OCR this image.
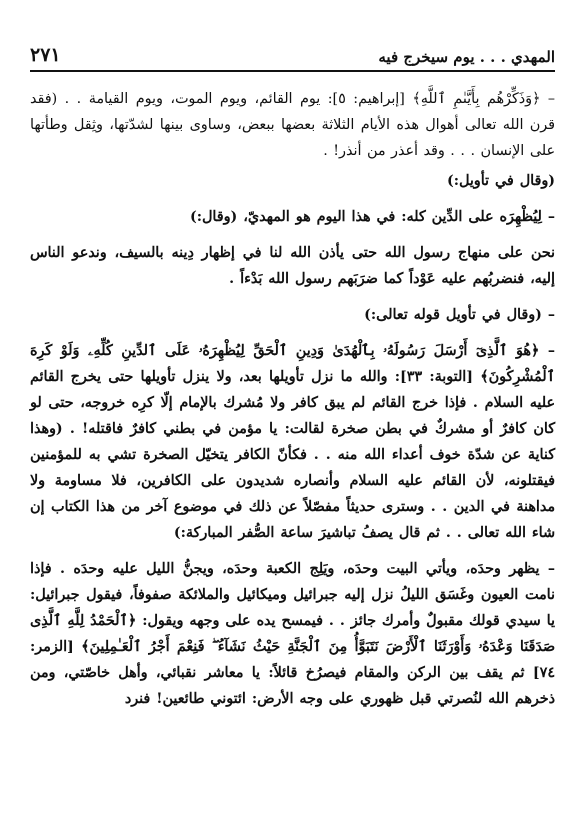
المهدي . . . يوم سيخرج فيه
٢٧١

– ﴿وَذَكِّرْهُم بِأَيَّىٰمِ ٱللَّهِ﴾ [إبراهيم: ٥]: يوم القائم، ويوم الموت، ويوم القيامة . . (فقد قرن الله تعالى أهوال هذه الأيام الثلاثة بعضها ببعض، وساوى بينها لشدّتها، وثِقل وطأتها على الإنسان . . . وقد أعذر من أنذر! .

(وقال في تأويل:)

– لِيُظْهِرَه على الدِّين كله: في هذا اليوم هو المهديّ، (وقال:)

نحن على منهاج رسول الله حتى يأذن الله لنا في إظهار دِينه بالسيف، وندعو الناس إليه، فنضربُهم عليه عَوْداً كما ضرَبَهم رسول الله بَدْءاً .

– (وقال في تأويل قوله تعالى:)

– ﴿هُوَ ٱلَّذِىٓ أَرْسَلَ رَسُولَهُۥ بِٱلْهُدَىٰ وَدِينِ ٱلْحَقِّ لِيُظْهِرَهُۥ عَلَى ٱلدِّينِ كُلِّهِۦ وَلَوْ كَرِهَ ٱلْمُشْرِكُونَ﴾ [التوبة: ٣٣]: والله ما نزل تأويلها بعد، ولا ينزل تأويلها حتى يخرج القائم عليه السلام . فإذا خرج القائم لم يبق كافر ولا مُشرك بالإمام إلّا كرِه خروجه، حتى لو كان كافرٌ أو مشركٌ في بطن صخرة لقالت: يا مؤمن في بطني كافرٌ فاقتله! . (وهذا كناية عن شدّة خوف أعداء الله منه . . فكأنّ الكافر يتخيّل الصخرة تشي به للمؤمنين فيقتلونه، لأن القائم عليه السلام وأنصاره شديدون على الكافرين، فلا مساومة ولا مداهنة في الدين . . وسترى حديثاً مفصّلاً عن ذلك في موضوع آخر من هذا الكتاب إن شاء الله تعالى . . ثم قال يصفُ تباشيرَ ساعة الصُّفر المباركة:)

– يظهر وحدَه، ويأتي البيت وحدَه، ويَلِج الكعبة وحدَه، ويجنُّ الليل عليه وحدَه . فإذا نامت العيون وغَسَق الليلُ نزل إليه جبرائيل وميكائيل والملائكة صفوفاً، فيقول جبرائيل: يا سيدي قولك مقبولٌ وأمرك جائز . . فيمسح يده على وجهه ويقول: ﴿ٱلْحَمْدُ لِلَّهِ ٱلَّذِى صَدَقَنَا وَعْدَهُۥ وَأَوْرَثَنَا ٱلْأَرْضَ نَتَبَوَّأُ مِنَ ٱلْجَنَّةِ حَيْثُ نَشَآءُ ۖ فَنِعْمَ أَجْرُ ٱلْعَـٰمِلِينَ﴾ [الزمر: ٧٤] ثم يقف بين الركن والمقام فيصرُخ قائلاً: يا معاشر نقبائي، وأهل خاصّتي، ومن ذخرهم الله لنُصرتي قبل ظهوري على وجه الأرض: ائتوني طائعين! فنرد
